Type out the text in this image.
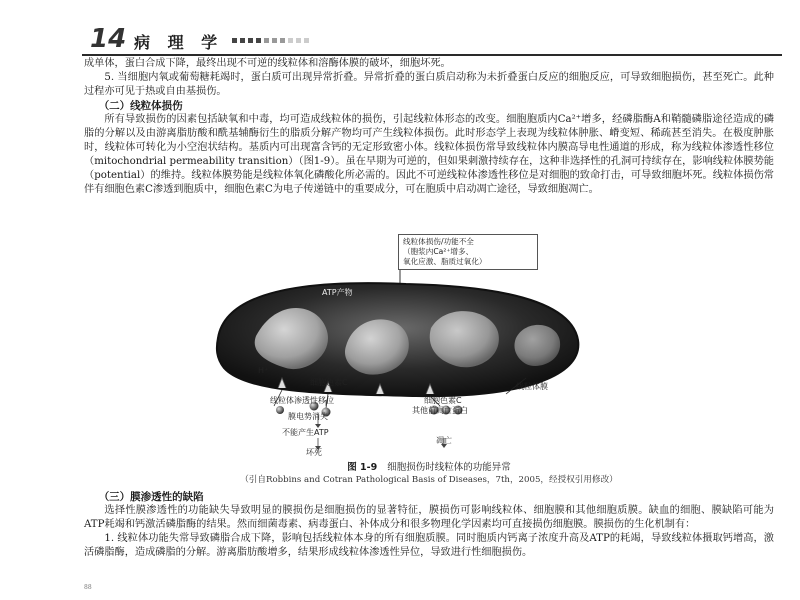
14 病 理 学

成单体，蛋白合成下降，最终出现不可逆的线粒体和溶酶体膜的破坏，细胞坏死。

5. 当细胞内氧或葡萄糖耗竭时，蛋白质可出现异常折叠。异常折叠的蛋白质启动称为未折叠蛋白反应的细胞反应，可导致细胞损伤，甚至死亡。此种过程亦可见于热或自由基损伤。

（二）线粒体损伤

所有导致损伤的因素包括缺氧和中毒，均可造成线粒体的损伤，引起线粒体形态的改变。细胞胞质内Ca²⁺增多，经磷脂酶A和鞘髓磷脂途径造成的磷脂的分解以及由游离脂肪酸和酰基辅酶衍生的脂质分解产物均可产生线粒体损伤。此时形态学上表现为线粒体肿胀、嵴变短、稀疏甚至消失。在极度肿胀时，线粒体可转化为小空泡状结构。基质内可出现富含钙的无定形致密小体。线粒体损伤常导致线粒体内膜高导电性通道的形成，称为线粒体渗透性移位（mitochondrial permeability transition）（图1-9）。虽在早期为可逆的，但如果刺激持续存在，这种非选择性的孔洞可持续存在，影响线粒体膜势能（potential）的维持。线粒体膜势能是线粒体氧化磷酸化所必需的。因此不可逆线粒体渗透性移位是对细胞的致命打击，可导致细胞坏死。线粒体损伤常伴有细胞色素C渗透到胞质中，细胞色素C为电子传递链中的重要成分，可在胞质中启动凋亡途径，导致细胞凋亡。

线粒体损伤/功能不全
（胞浆内Ca²⁺增多、
氧化应激、脂质过氧化）
ATP产物
H⁺
细胞色素C	线粒体膜
线粒体渗透性移位
膜电势消失
不能产生ATP
坏死
细胞色素C
其他前凋亡蛋白
凋亡
图 1-9 细胞损伤时线粒体的功能异常
（引自Robbins and Cotran Pathological Basis of Diseases，7th，2005，经授权引用修改）

（三）膜渗透性的缺陷

选择性膜渗透性的功能缺失导致明显的膜损伤是细胞损伤的显著特征，膜损伤可影响线粒体、细胞膜和其他细胞质膜。缺血的细胞、膜缺陷可能为ATP耗竭和钙激活磷脂酶的结果。然而细菌毒素、病毒蛋白、补体成分和很多物理化学因素均可直接损伤细胞膜。膜损伤的生化机制有：

1. 线粒体功能失常导致磷脂合成下降，影响包括线粒体本身的所有细胞质膜。同时胞质内钙离子浓度升高及ATP的耗竭，导致线粒体摄取钙增高，激活磷脂酶，造成磷脂的分解。游离脂肪酸增多，结果形成线粒体渗透性异位，导致进行性细胞损伤。

88
